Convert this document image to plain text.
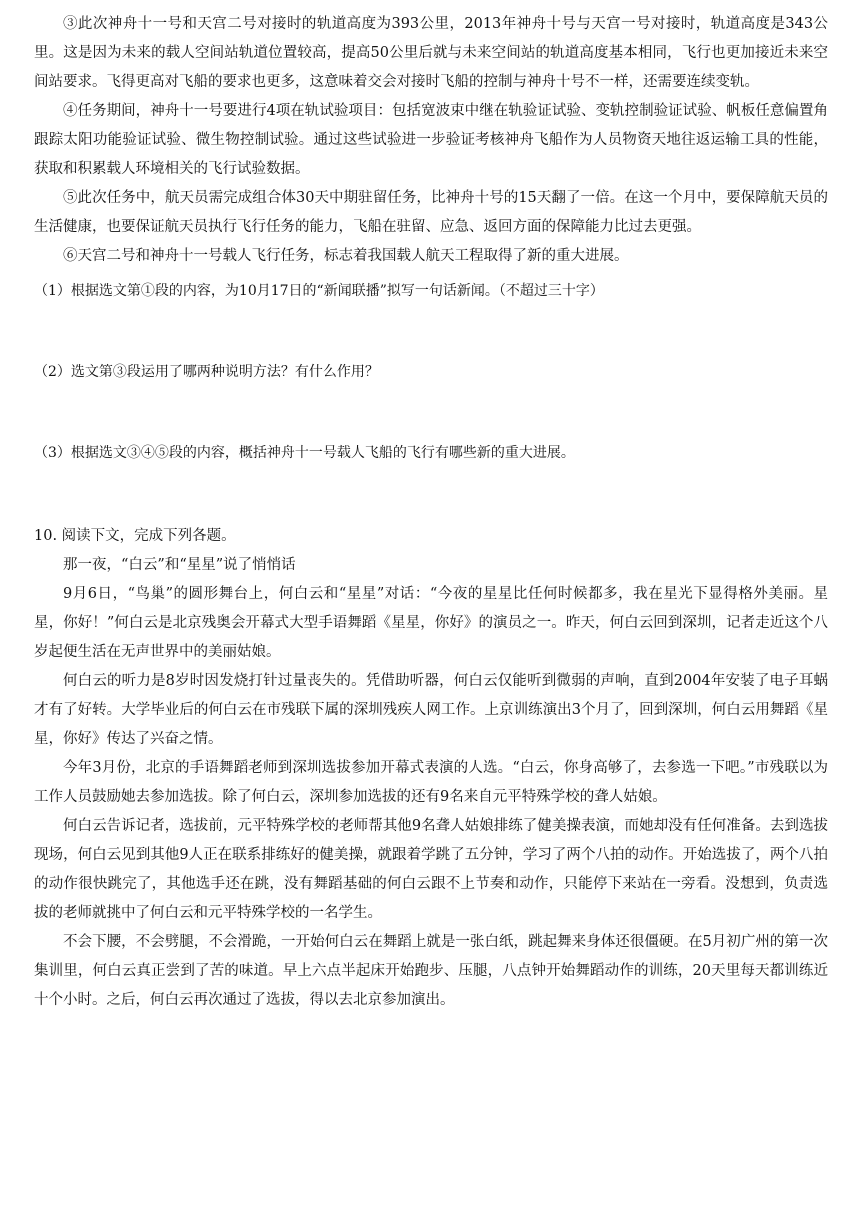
③此次神舟十一号和天宫二号对接时的轨道高度为393公里，2013年神舟十号与天宫一号对接时，轨道高度是343公里。这是因为未来的载人空间站轨道位置较高，提高50公里后就与未来空间站的轨道高度基本相同，飞行也更加接近未来空间站要求。飞得更高对飞船的要求也更多，这意味着交会对接时飞船的控制与神舟十号不一样，还需要连续变轨。

④任务期间，神舟十一号要进行4项在轨试验项目：包括宽波束中继在轨验证试验、变轨控制验证试验、帆板任意偏置角跟踪太阳功能验证试验、微生物控制试验。通过这些试验进一步验证考核神舟飞船作为人员物资天地往返运输工具的性能，获取和积累载人环境相关的飞行试验数据。

⑤此次任务中，航天员需完成组合体30天中期驻留任务，比神舟十号的15天翻了一倍。在这一个月中，要保障航天员的生活健康，也要保证航天员执行飞行任务的能力，飞船在驻留、应急、返回方面的保障能力比过去更强。

⑥天宫二号和神舟十一号载人飞行任务，标志着我国载人航天工程取得了新的重大进展。

（1）根据选文第①段的内容，为10月17日的“新闻联播”拟写一句话新闻。（不超过三十字）

（2）选文第③段运用了哪两种说明方法？有什么作用？

（3）根据选文③④⑤段的内容，概括神舟十一号载人飞船的飞行有哪些新的重大进展。

10. 阅读下文，完成下列各题。

那一夜，“白云”和“星星”说了悄悄话

9月6日，“鸟巢”的圆形舞台上，何白云和“星星”对话：“今夜的星星比任何时候都多，我在星光下显得格外美丽。星星，你好！”何白云是北京残奥会开幕式大型手语舞蹈《星星，你好》的演员之一。昨天，何白云回到深圳，记者走近这个八岁起便生活在无声世界中的美丽姑娘。

何白云的听力是8岁时因发烧打针过量丧失的。凭借助听器，何白云仅能听到微弱的声响，直到2004年安装了电子耳蜗才有了好转。大学毕业后的何白云在市残联下属的深圳残疾人网工作。上京训练演出3个月了，回到深圳，何白云用舞蹈《星星，你好》传达了兴奋之情。

今年3月份，北京的手语舞蹈老师到深圳选拔参加开幕式表演的人选。“白云，你身高够了，去参选一下吧。”市残联以为工作人员鼓励她去参加选拔。除了何白云，深圳参加选拔的还有9名来自元平特殊学校的聋人姑娘。

何白云告诉记者，选拔前，元平特殊学校的老师帮其他9名聋人姑娘排练了健美操表演，而她却没有任何准备。去到选拔现场，何白云见到其他9人正在联系排练好的健美操，就跟着学跳了五分钟，学习了两个八拍的动作。开始选拔了，两个八拍的动作很快跳完了，其他选手还在跳，没有舞蹈基础的何白云跟不上节奏和动作，只能停下来站在一旁看。没想到，负责选拔的老师就挑中了何白云和元平特殊学校的一名学生。

不会下腰，不会劈腿，不会滑跪，一开始何白云在舞蹈上就是一张白纸，跳起舞来身体还很僵硬。在5月初广州的第一次集训里，何白云真正尝到了苦的味道。早上六点半起床开始跑步、压腿，八点钟开始舞蹈动作的训练，20天里每天都训练近十个小时。之后，何白云再次通过了选拔，得以去北京参加演出。
